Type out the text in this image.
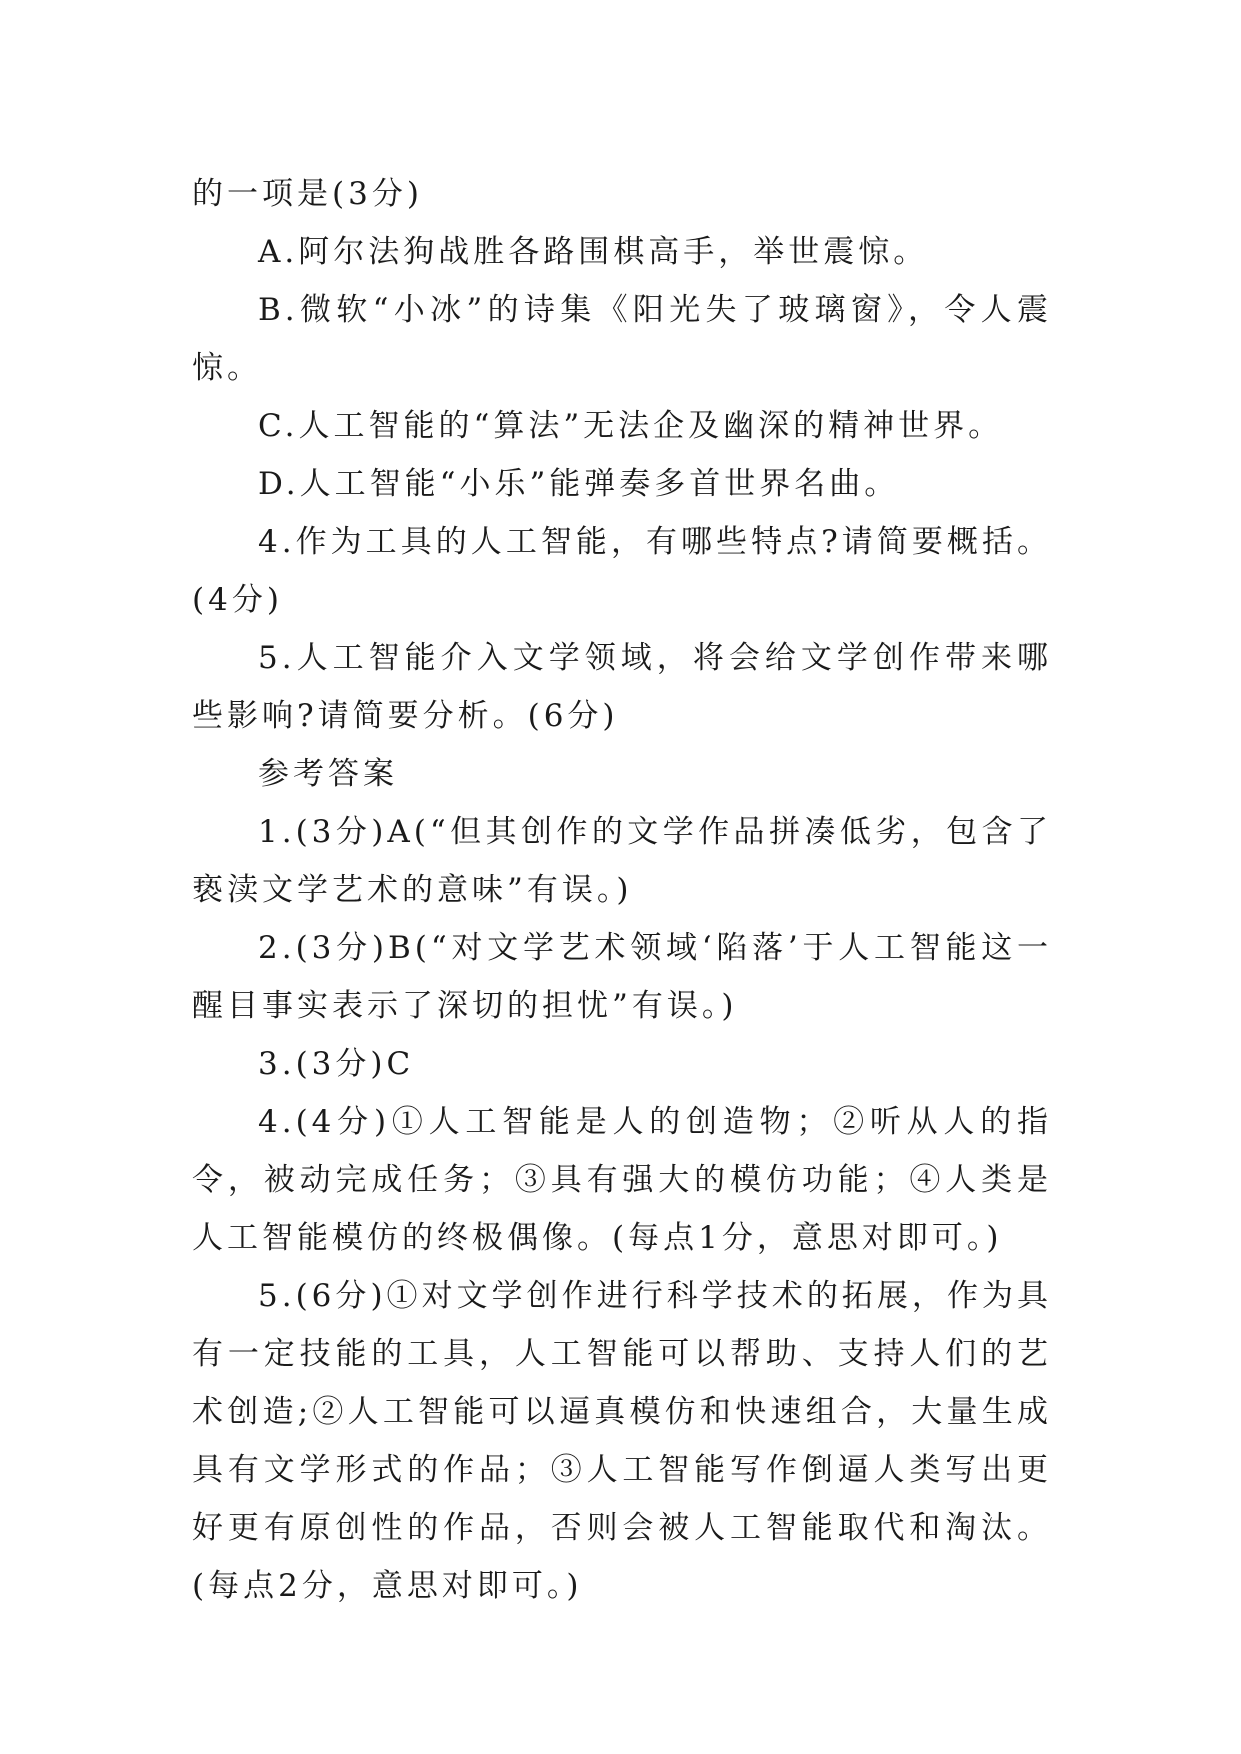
的一项是(3分)

A.阿尔法狗战胜各路围棋高手，举世震惊。

B.微软“小冰”的诗集《阳光失了玻璃窗》，令人震惊。

C.人工智能的“算法”无法企及幽深的精神世界。

D.人工智能“小乐”能弹奏多首世界名曲。

4.作为工具的人工智能，有哪些特点?请简要概括。(4分)

5.人工智能介入文学领域，将会给文学创作带来哪些影响?请简要分析。(6分)

参考答案

1.(3分)A(“但其创作的文学作品拼凑低劣，包含了亵渎文学艺术的意味”有误。)

2.(3分)B(“对文学艺术领域‘陷落’于人工智能这一醒目事实表示了深切的担忧”有误。)

3.(3分)C

4.(4分)①人工智能是人的创造物；②听从人的指令，被动完成任务；③具有强大的模仿功能；④人类是人工智能模仿的终极偶像。(每点1分，意思对即可。)

5.(6分)①对文学创作进行科学技术的拓展，作为具有一定技能的工具，人工智能可以帮助、支持人们的艺术创造;②人工智能可以逼真模仿和快速组合，大量生成具有文学形式的作品；③人工智能写作倒逼人类写出更好更有原创性的作品，否则会被人工智能取代和淘汰。(每点2分，意思对即可。)
